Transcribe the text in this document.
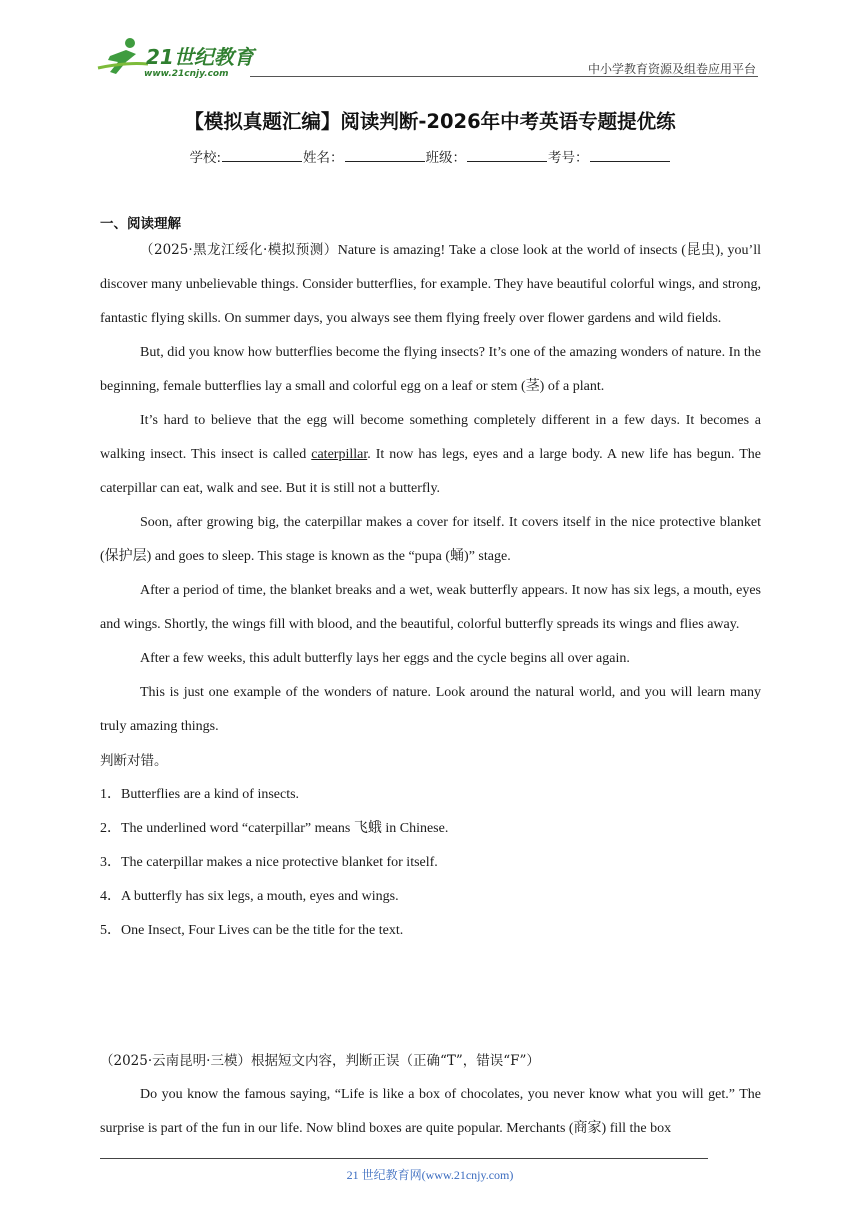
21世纪教育
www.21cnjy.com	中小学教育资源及组卷应用平台
【模拟真题汇编】阅读判断-2026年中考英语专题提优练
学校:	姓名：	班级：	考号：
一、阅读理解

（2025·黑龙江绥化·模拟预测）Nature is amazing! Take a close look at the world of insects (昆虫), you’ll discover many unbelievable things. Consider butterflies, for example. They have beautiful colorful wings, and strong, fantastic flying skills. On summer days, you always see them flying freely over flower gardens and wild fields.

But, did you know how butterflies become the flying insects? It’s one of the amazing wonders of nature. In the beginning, female butterflies lay a small and colorful egg on a leaf or stem (茎) of a plant.

It’s hard to believe that the egg will become something completely different in a few days. It becomes a walking insect. This insect is called caterpillar. It now has legs, eyes and a large body. A new life has begun. The caterpillar can eat, walk and see. But it is still not a butterfly.

Soon, after growing big, the caterpillar makes a cover for itself. It covers itself in the nice protective blanket (保护层) and goes to sleep. This stage is known as the “pupa (蛹)” stage.

After a period of time, the blanket breaks and a wet, weak butterfly appears. It now has six legs, a mouth, eyes and wings. Shortly, the wings fill with blood, and the beautiful, colorful butterfly spreads its wings and flies away.

After a few weeks, this adult butterfly lays her eggs and the cycle begins all over again.

This is just one example of the wonders of nature. Look around the natural world, and you will learn many truly amazing things.

判断对错。

1．Butterflies are a kind of insects.

2．The underlined word “caterpillar” means 飞蛾 in Chinese.

3．The caterpillar makes a nice protective blanket for itself.

4．A butterfly has six legs, a mouth, eyes and wings.

5．One Insect, Four Lives can be the title for the text.

（2025·云南昆明·三模）根据短文内容，判断正误（正确“T”，错误“F”）

Do you know the famous saying, “Life is like a box of chocolates, you never know what you will get.” The surprise is part of the fun in our life. Now blind boxes are quite popular. Merchants (商家) fill the box

21 世纪教育网(www.21cnjy.com)
